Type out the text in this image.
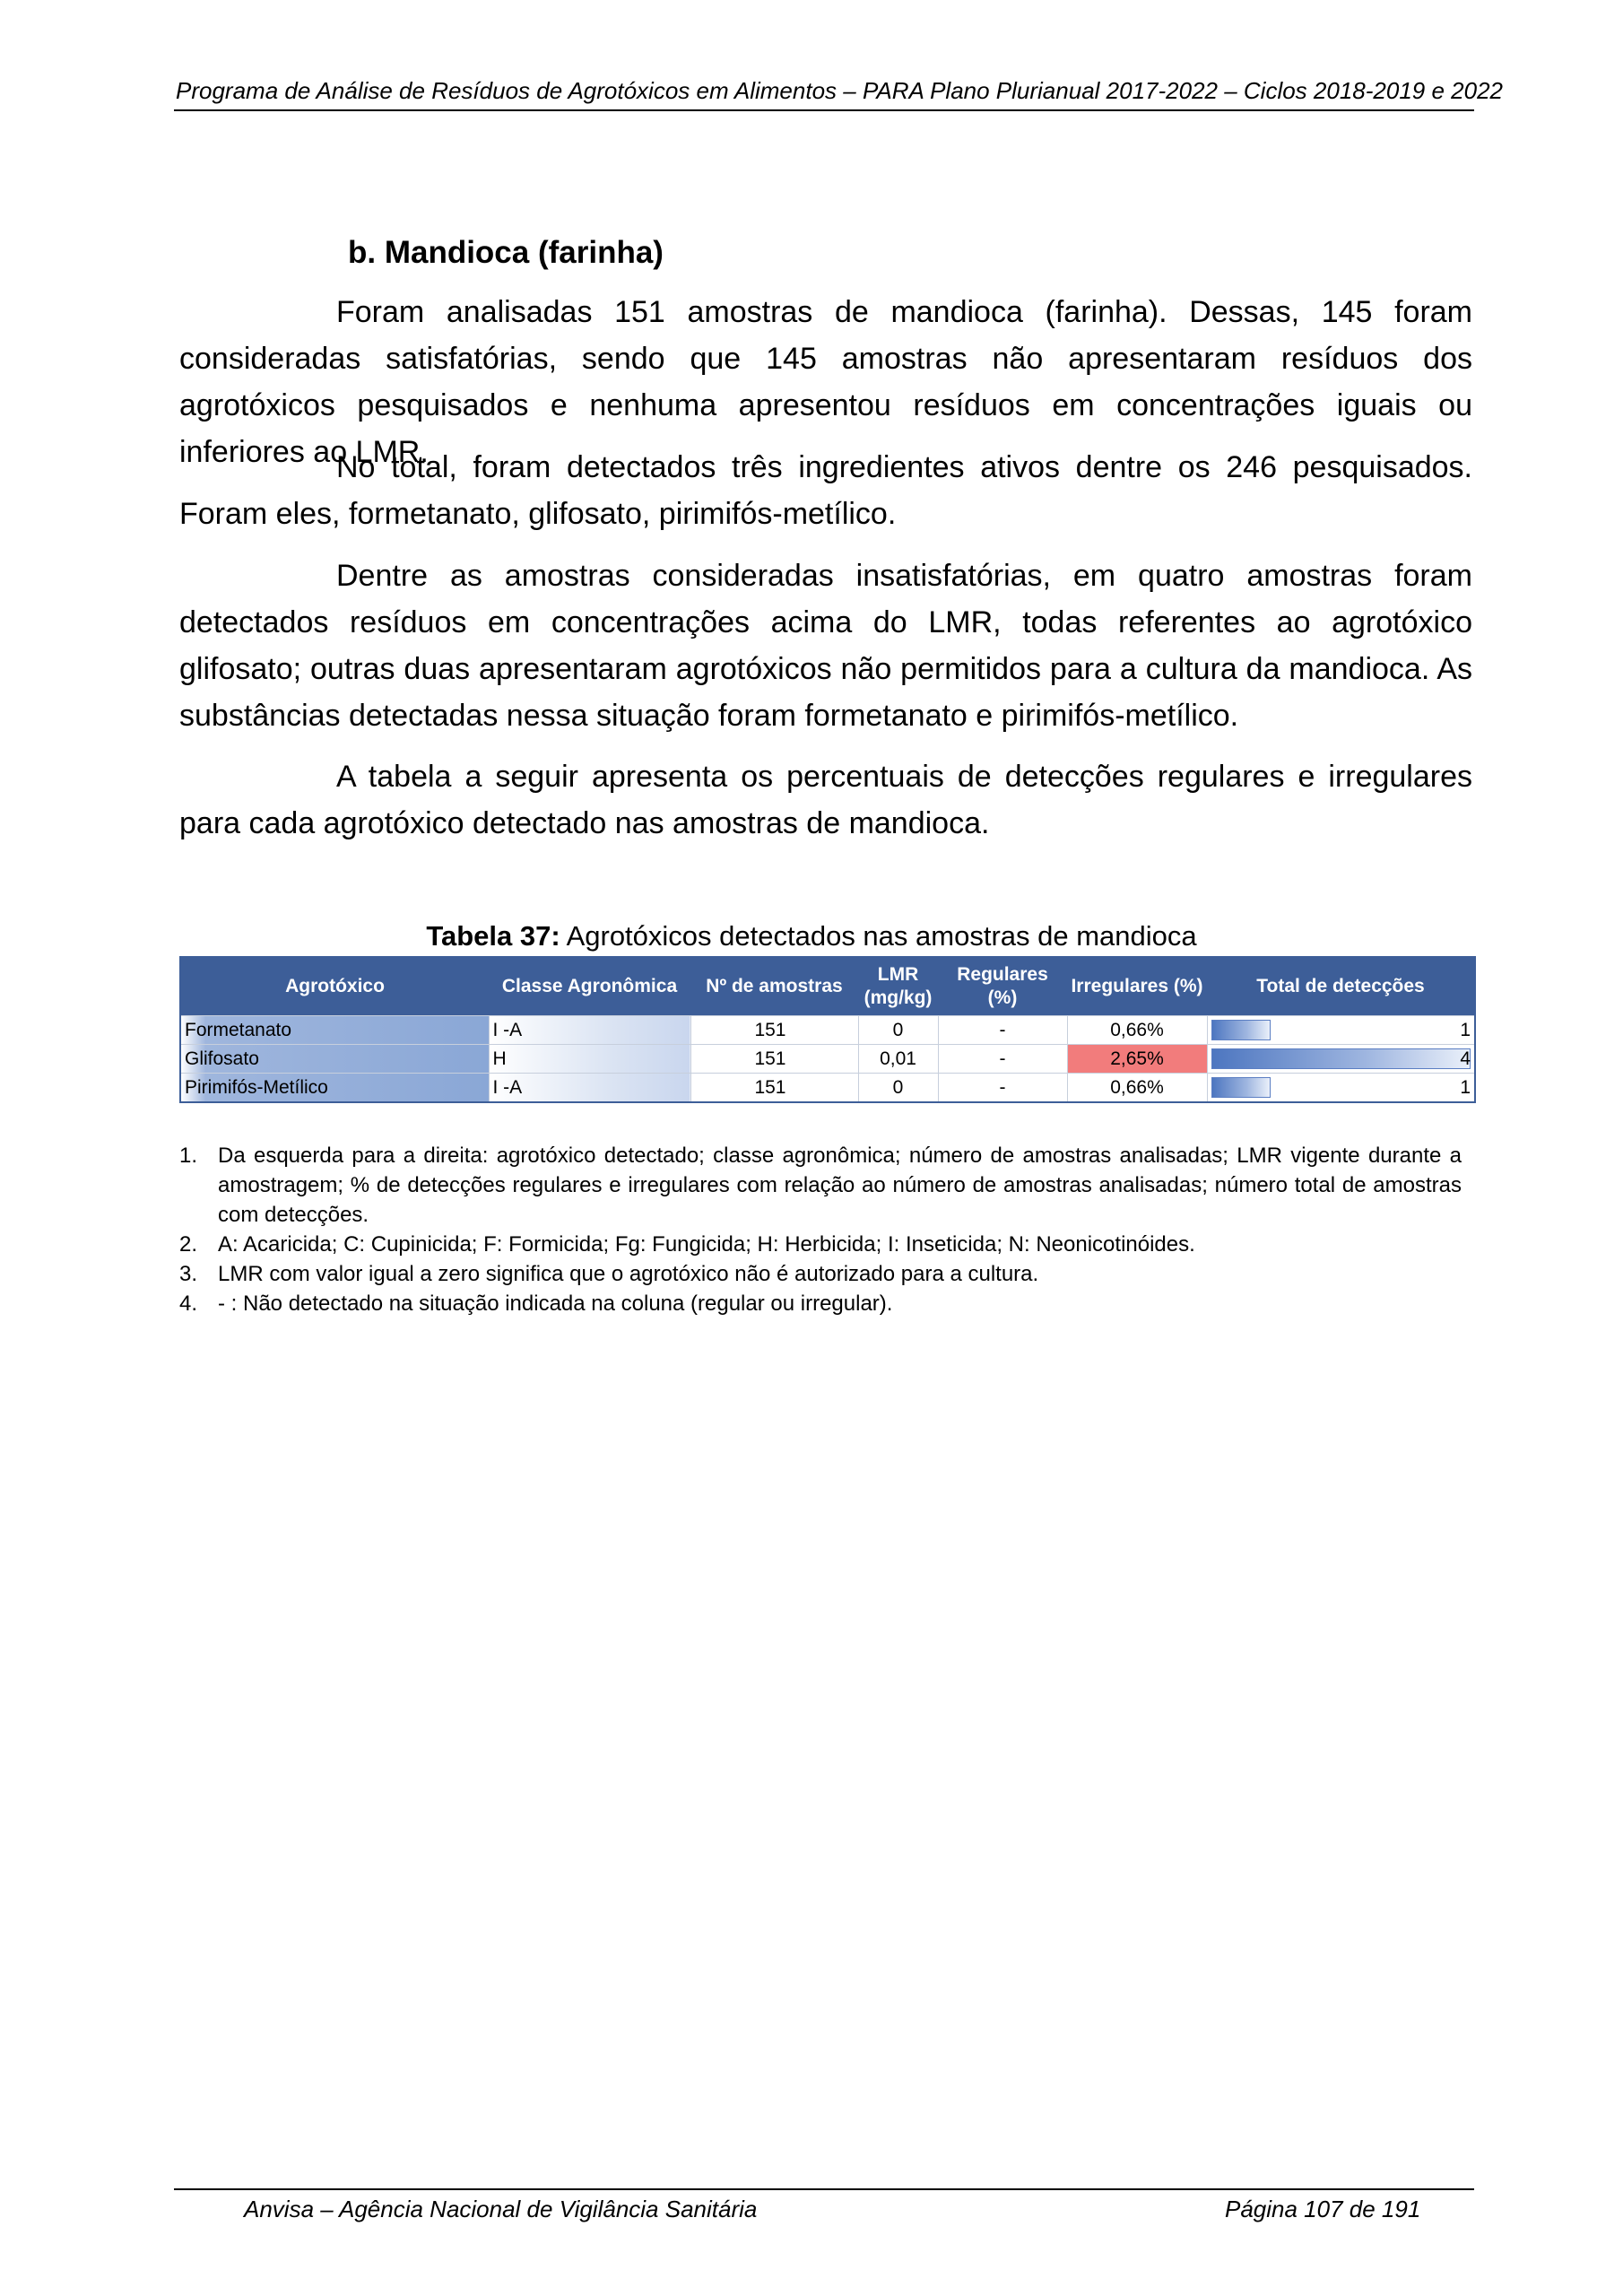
Programa de Análise de Resíduos de Agrotóxicos em Alimentos – PARA Plano Plurianual 2017-2022 – Ciclos 2018-2019 e 2022
b. Mandioca (farinha)

Foram analisadas 151 amostras de mandioca (farinha). Dessas, 145 foram consideradas satisfatórias, sendo que 145 amostras não apresentaram resíduos dos agrotóxicos pesquisados e nenhuma apresentou resíduos em concentrações iguais ou inferiores ao LMR.

No total, foram detectados três ingredientes ativos dentre os 246 pesquisados. Foram eles, formetanato, glifosato, pirimifós-metílico.

Dentre as amostras consideradas insatisfatórias, em quatro amostras foram detectados resíduos em concentrações acima do LMR, todas referentes ao agrotóxico glifosato; outras duas apresentaram agrotóxicos não permitidos para a cultura da mandioca. As substâncias detectadas nessa situação foram formetanato e pirimifós-metílico.

A tabela a seguir apresenta os percentuais de detecções regulares e irregulares para cada agrotóxico detectado nas amostras de mandioca.

Tabela 37: Agrotóxicos detectados nas amostras de mandioca
Agrotóxico	Classe Agronômica	Nº de amostras	LMR (mg/kg)	Regulares (%)	Irregulares (%)	Total de detecções
Formetanato	I -A	151	0	-	0,66%	1
Glifosato	H	151	0,01	-	2,65%	4
Pirimifós-Metílico	I -A	151	0	-	0,66%	1
1. Da esquerda para a direita: agrotóxico detectado; classe agronômica; número de amostras analisadas; LMR vigente durante a amostragem; % de detecções regulares e irregulares com relação ao número de amostras analisadas; número total de amostras com detecções.
2. A: Acaricida; C: Cupinicida; F: Formicida; Fg: Fungicida; H: Herbicida; I: Inseticida; N: Neonicotinóides.
3. LMR com valor igual a zero significa que o agrotóxico não é autorizado para a cultura.
4. - : Não detectado na situação indicada na coluna (regular ou irregular).
Anvisa – Agência Nacional de Vigilância Sanitária	Página 107 de 191
